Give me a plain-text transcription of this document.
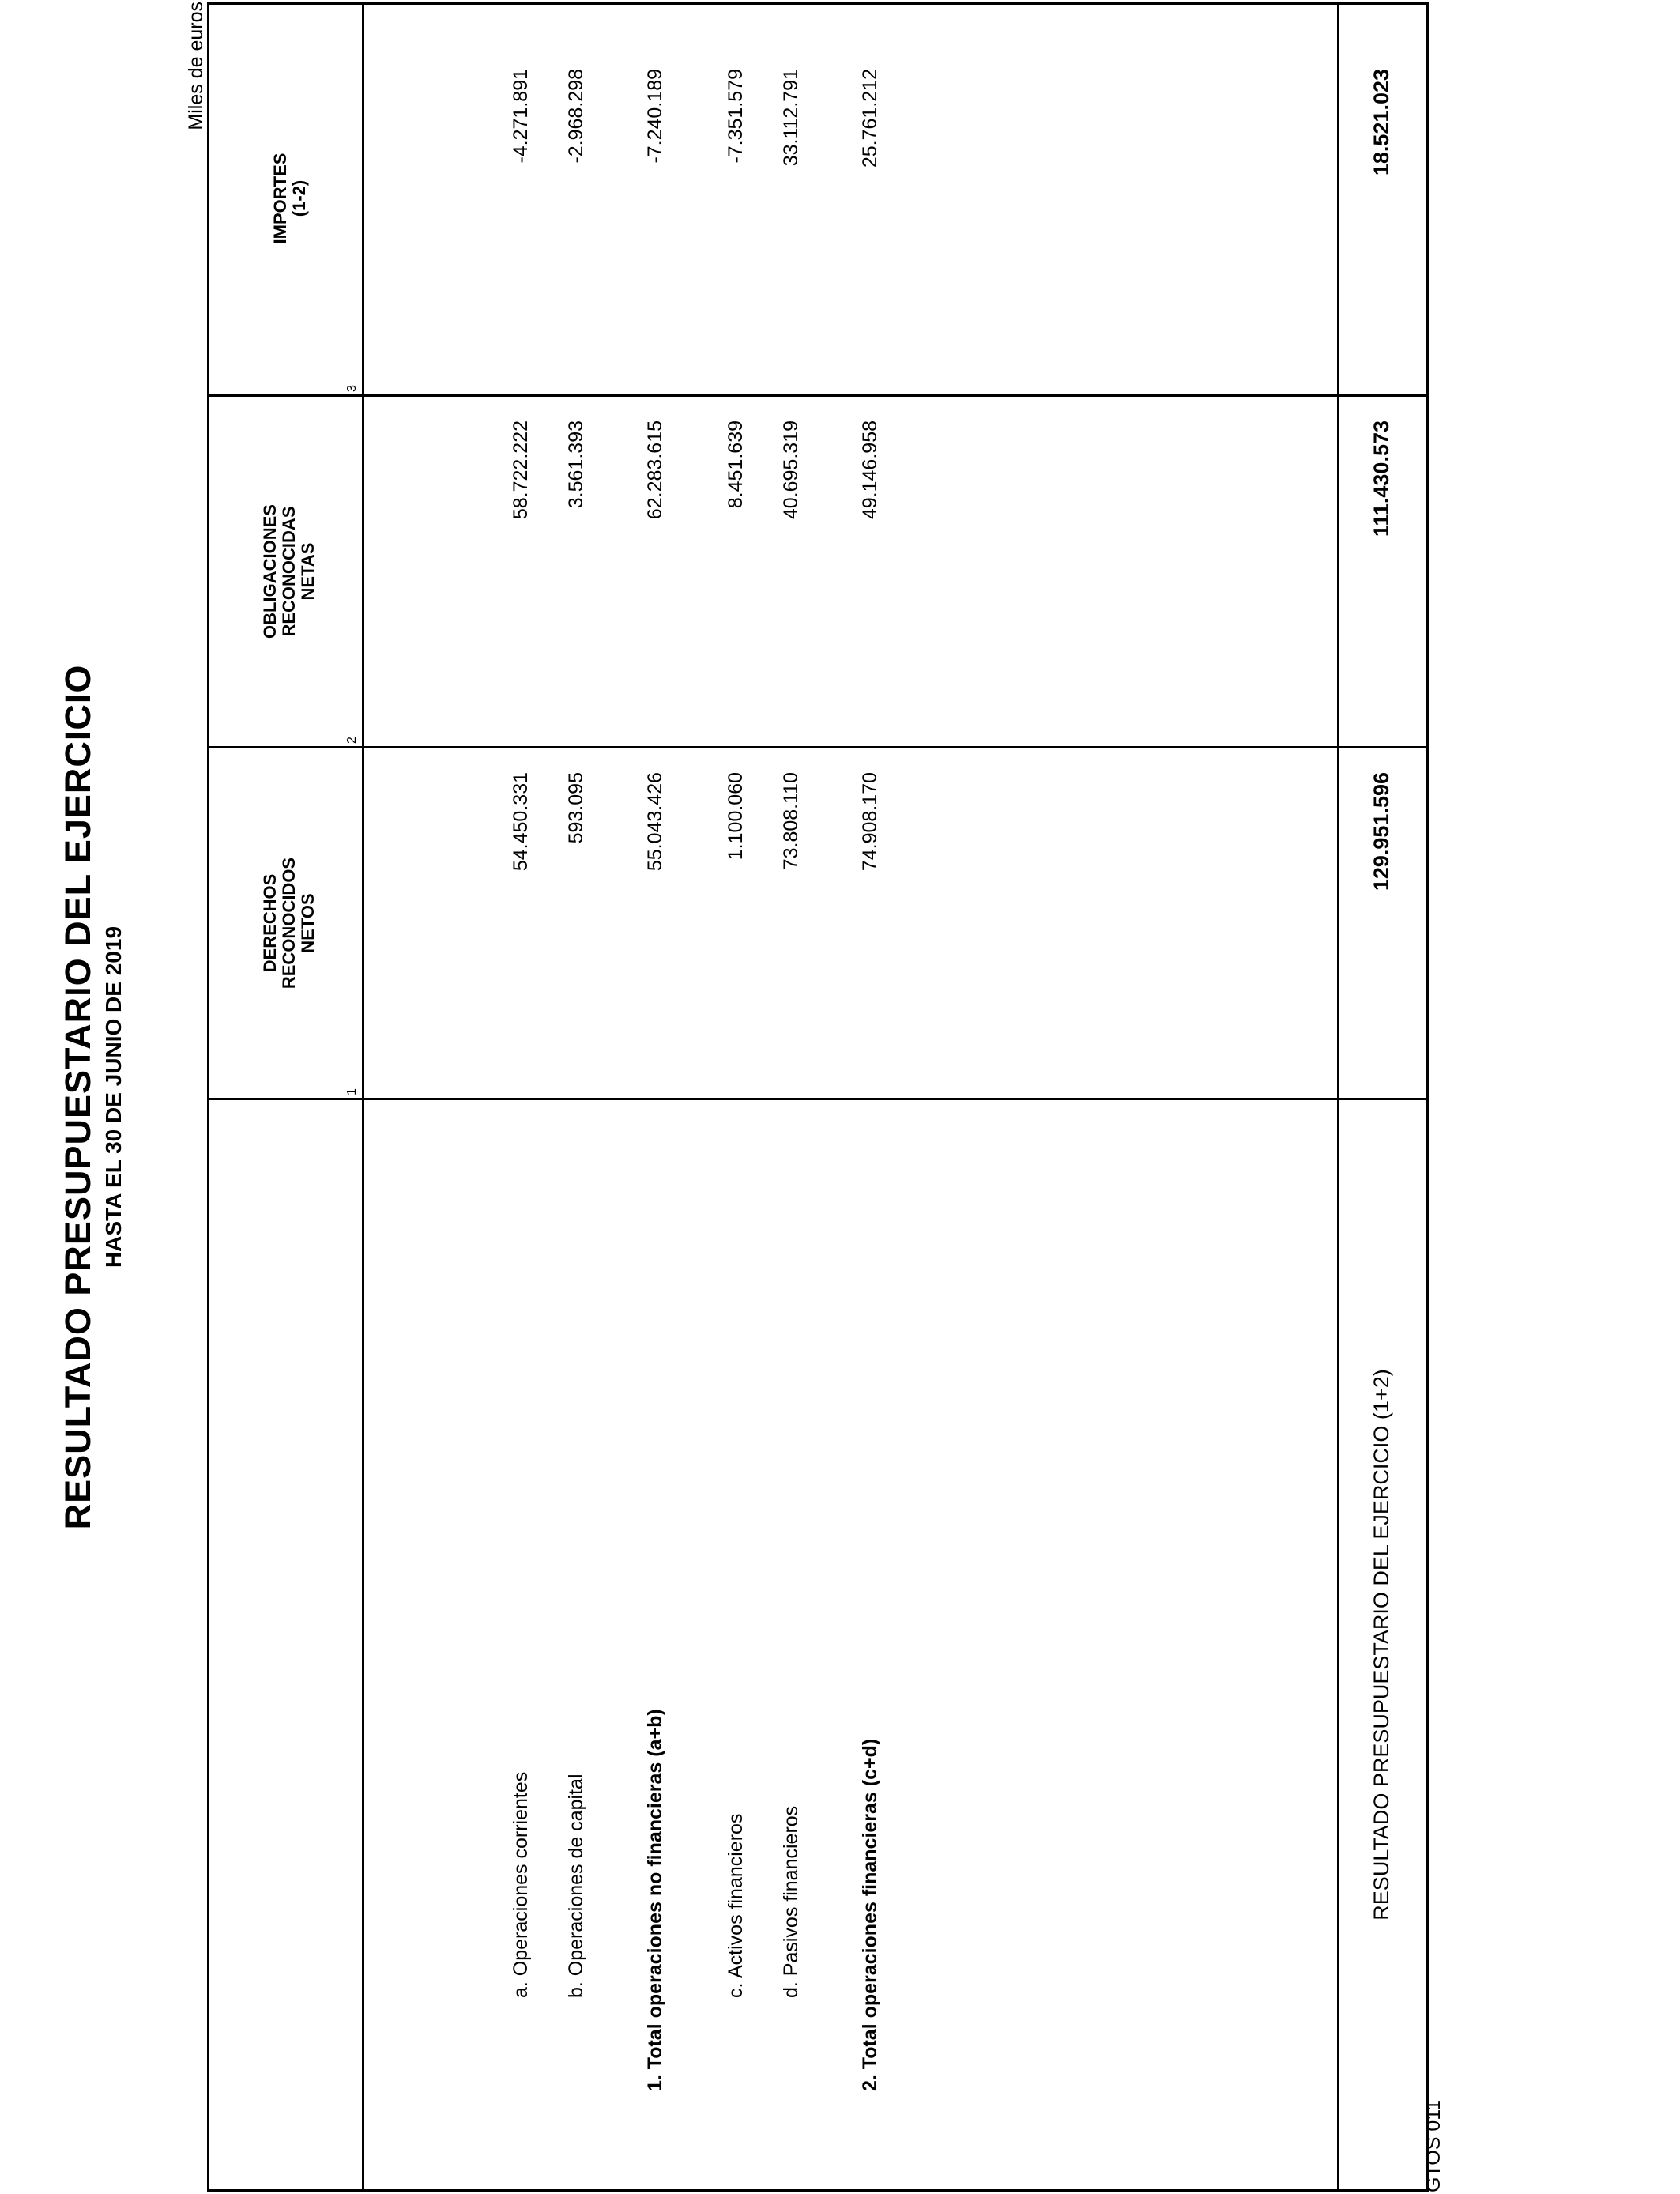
RESULTADO PRESUPUESTARIO DEL EJERCICIO HASTA EL 30 DE JUNIO DE 2019
Miles de euros
DERECHOS RECONOCIDOS NETOS
OBLIGACIONES RECONOCIDAS NETAS
IMPORTES (1-2)
1
2
3
a. Operaciones corrientes
54.450.331
58.722.222
-4.271.891
b. Operaciones de capital
593.095
3.561.393
-2.968.298
1. Total operaciones no financieras (a+b)
55.043.426
62.283.615
-7.240.189
c. Activos financieros
1.100.060
8.451.639
-7.351.579
d. Pasivos financieros
73.808.110
40.695.319
33.112.791
2. Total operaciones financieras (c+d)
74.908.170
49.146.958
25.761.212
RESULTADO PRESUPUESTARIO DEL EJERCICIO (1+2)
129.951.596
111.430.573
18.521.023
GTOS 011
